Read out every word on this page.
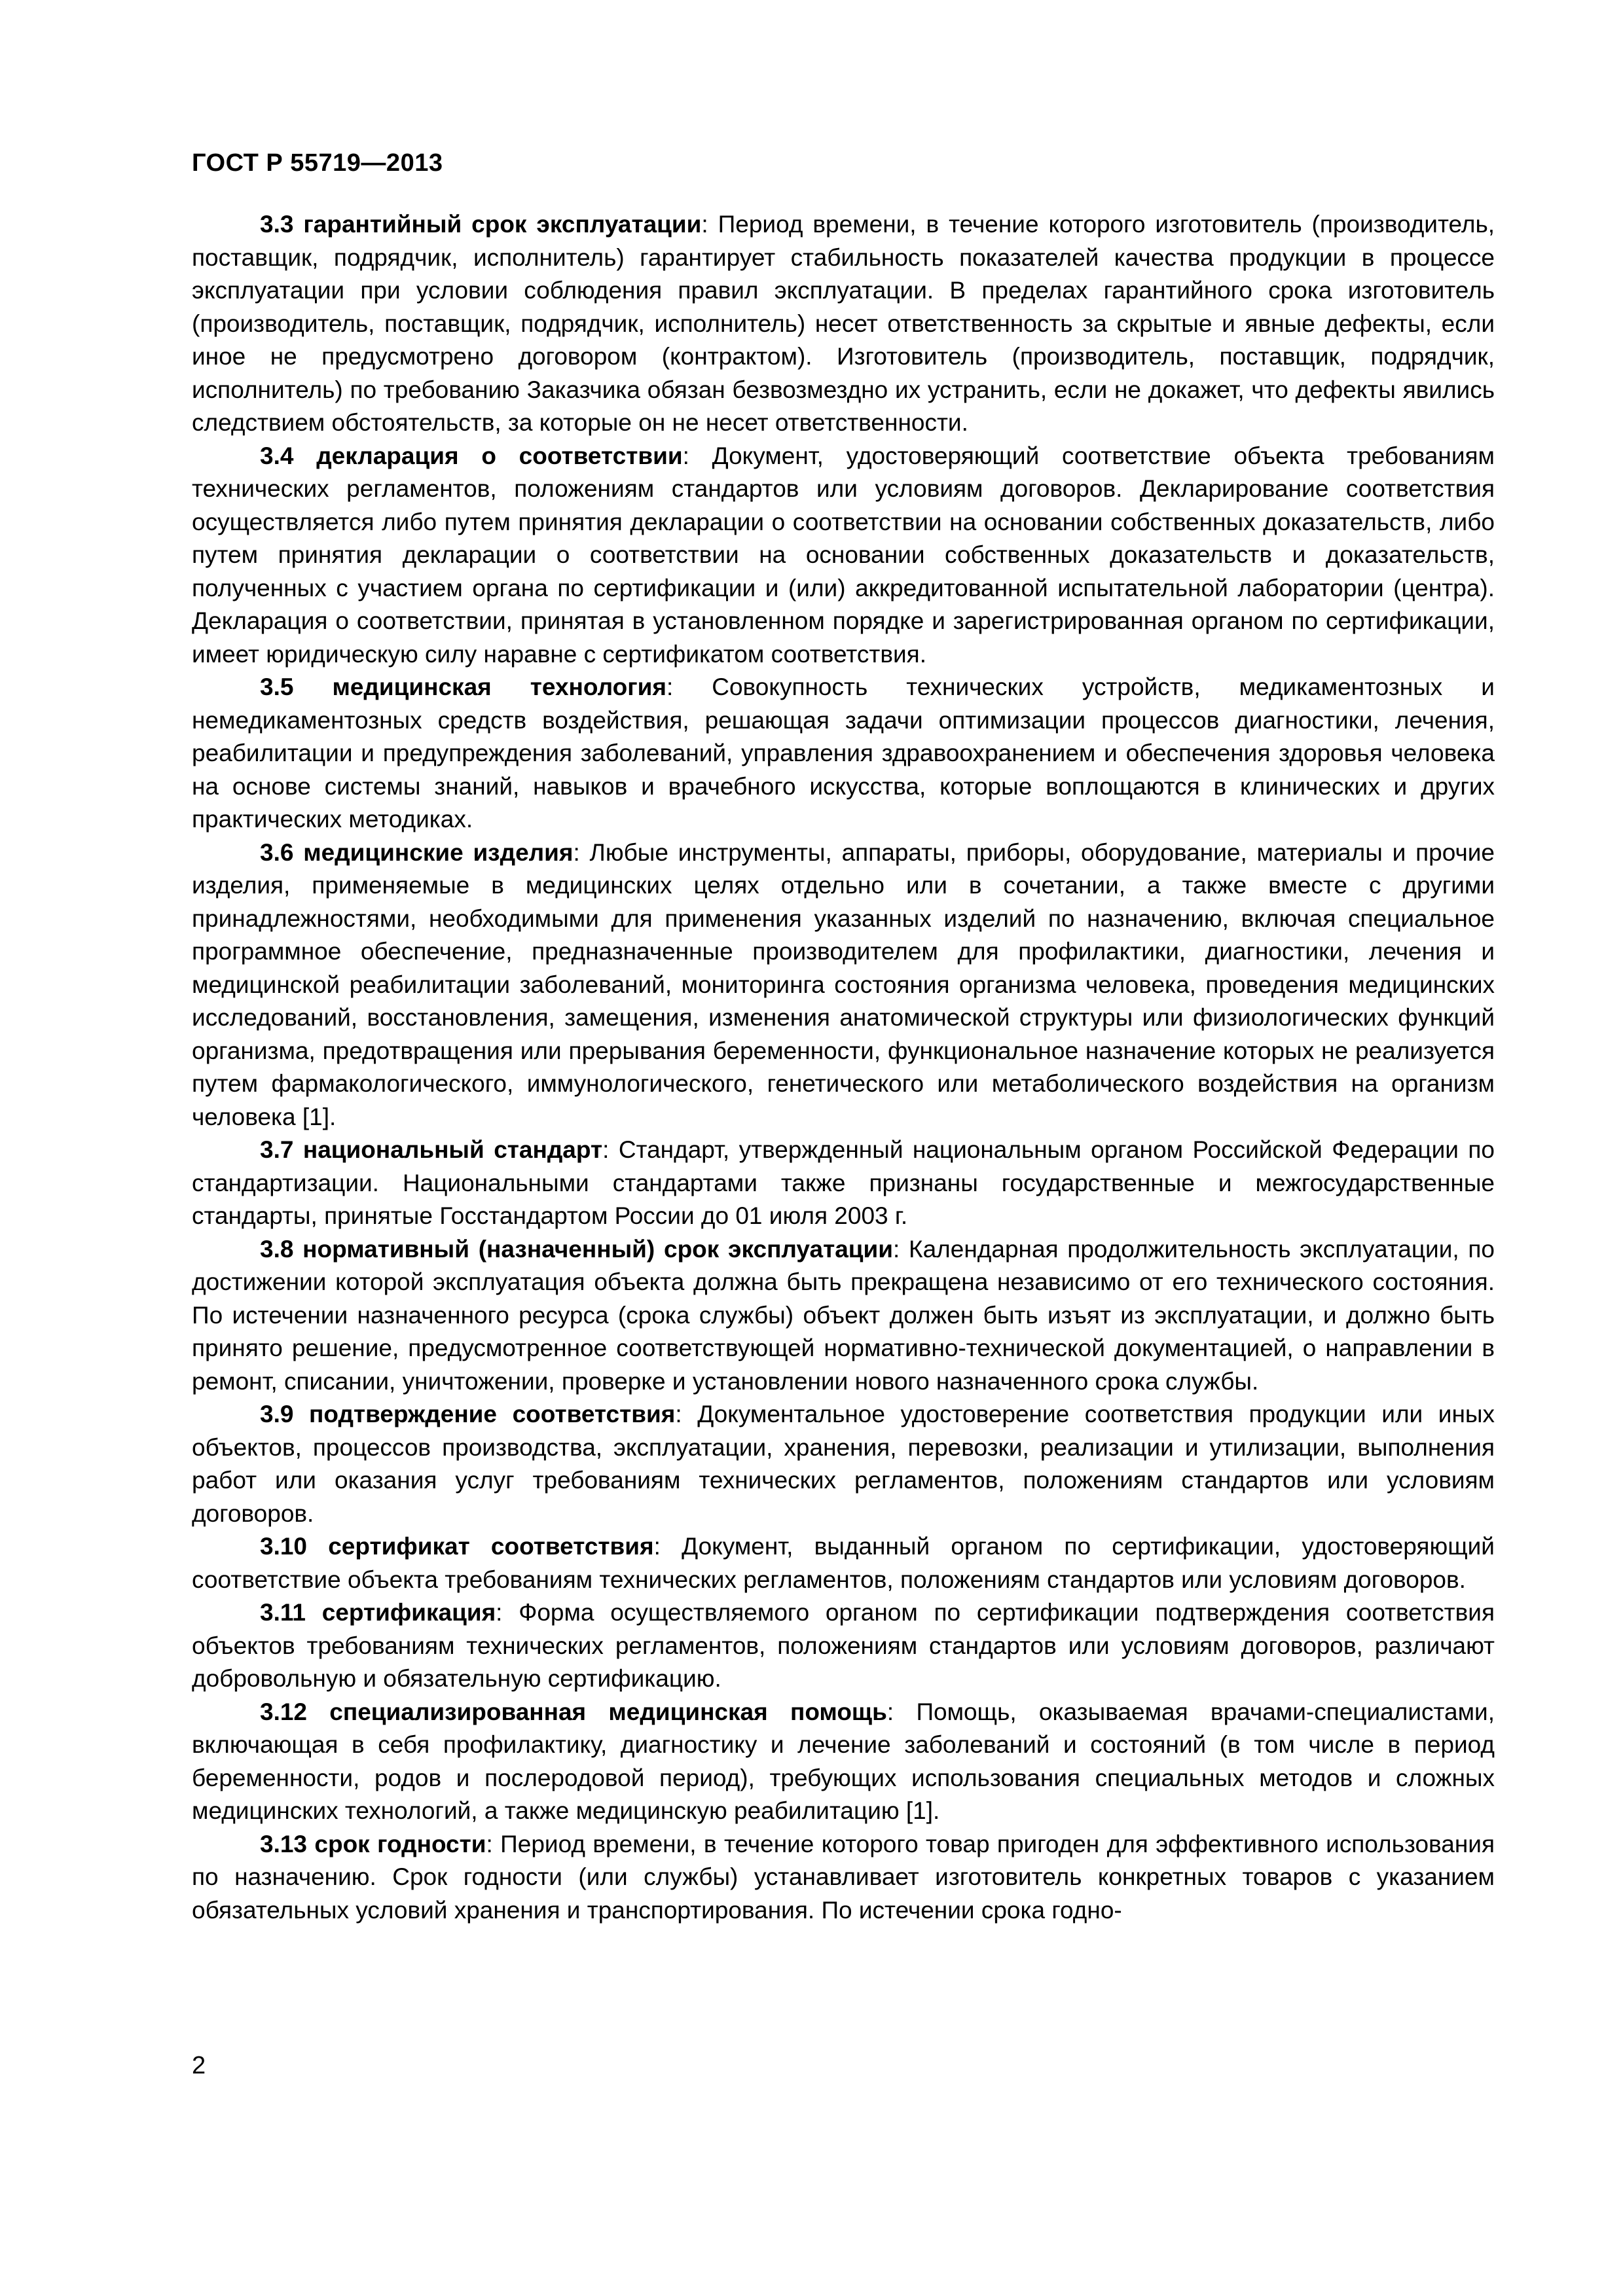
ГОСТ Р 55719—2013

3.3 гарантийный срок эксплуатации: Период времени, в течение которого изготовитель (производитель, поставщик, подрядчик, исполнитель) гарантирует стабильность показателей качества продукции в процессе эксплуатации при условии соблюдения правил эксплуатации. В пределах гарантийного срока изготовитель (производитель, поставщик, подрядчик, исполнитель) несет ответственность за скрытые и явные дефекты, если иное не предусмотрено договором (контрактом). Изготовитель (производитель, поставщик, подрядчик, исполнитель) по требованию Заказчика обязан безвозмездно их устранить, если не докажет, что дефекты явились следствием обстоятельств, за которые он не несет ответственности.

3.4 декларация о соответствии: Документ, удостоверяющий соответствие объекта требованиям технических регламентов, положениям стандартов или условиям договоров. Декларирование соответствия осуществляется либо путем принятия декларации о соответствии на основании собственных доказательств, либо путем принятия декларации о соответствии на основании собственных доказательств и доказательств, полученных с участием органа по сертификации и (или) аккредитованной испытательной лаборатории (центра). Декларация о соответствии, принятая в установленном порядке и зарегистрированная органом по сертификации, имеет юридическую силу наравне с сертификатом соответствия.

3.5 медицинская технология: Совокупность технических устройств, медикаментозных и немедикаментозных средств воздействия, решающая задачи оптимизации процессов диагностики, лечения, реабилитации и предупреждения заболеваний, управления здравоохранением и обеспечения здоровья человека на основе системы знаний, навыков и врачебного искусства, которые воплощаются в клинических и других практических методиках.

3.6 медицинские изделия: Любые инструменты, аппараты, приборы, оборудование, материалы и прочие изделия, применяемые в медицинских целях отдельно или в сочетании, а также вместе с другими принадлежностями, необходимыми для применения указанных изделий по назначению, включая специальное программное обеспечение, предназначенные производителем для профилактики, диагностики, лечения и медицинской реабилитации заболеваний, мониторинга состояния организма человека, проведения медицинских исследований, восстановления, замещения, изменения анатомической структуры или физиологических функций организма, предотвращения или прерывания беременности, функциональное назначение которых не реализуется путем фармакологического, иммунологического, генетического или метаболического воздействия на организм человека [1].

3.7 национальный стандарт: Стандарт, утвержденный национальным органом Российской Федерации по стандартизации. Национальными стандартами также признаны государственные и межгосударственные стандарты, принятые Госстандартом России до 01 июля 2003 г.

3.8 нормативный (назначенный) срок эксплуатации: Календарная продолжительность эксплуатации, по достижении которой эксплуатация объекта должна быть прекращена независимо от его технического состояния. По истечении назначенного ресурса (срока службы) объект должен быть изъят из эксплуатации, и должно быть принято решение, предусмотренное соответствующей нормативно-технической документацией, о направлении в ремонт, списании, уничтожении, проверке и установлении нового назначенного срока службы.

3.9 подтверждение соответствия: Документальное удостоверение соответствия продукции или иных объектов, процессов производства, эксплуатации, хранения, перевозки, реализации и утилизации, выполнения работ или оказания услуг требованиям технических регламентов, положениям стандартов или условиям договоров.

3.10 сертификат соответствия: Документ, выданный органом по сертификации, удостоверяющий соответствие объекта требованиям технических регламентов, положениям стандартов или условиям договоров.

3.11 сертификация: Форма осуществляемого органом по сертификации подтверждения соответствия объектов требованиям технических регламентов, положениям стандартов или условиям договоров, различают добровольную и обязательную сертификацию.

3.12 специализированная медицинская помощь: Помощь, оказываемая врачами-специалистами, включающая в себя профилактику, диагностику и лечение заболеваний и состояний (в том числе в период беременности, родов и послеродовой период), требующих использования специальных методов и сложных медицинских технологий, а также медицинскую реабилитацию [1].

3.13 срок годности: Период времени, в течение которого товар пригоден для эффективного использования по назначению. Срок годности (или службы) устанавливает изготовитель конкретных товаров с указанием обязательных условий хранения и транспортирования. По истечении срока годно-

2
